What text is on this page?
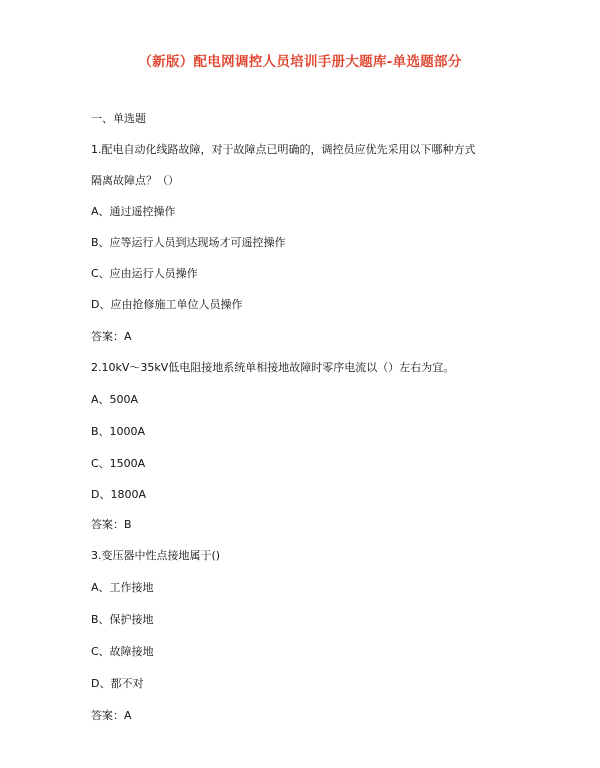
（新版）配电网调控人员培训手册大题库-单选题部分
一、单选题
1.配电自动化线路故障，对于故障点已明确的，调控员应优先采用以下哪种方式
隔离故障点？（）
A、通过遥控操作
B、应等运行人员到达现场才可遥控操作
C、应由运行人员操作
D、应由抢修施工单位人员操作
答案：A
2.10kV～35kV低电阻接地系统单相接地故障时零序电流以（）左右为宜。
A、500A
B、1000A
C、1500A
D、1800A
答案：B
3.变压器中性点接地属于()
A、工作接地
B、保护接地
C、故障接地
D、都不对
答案：A
